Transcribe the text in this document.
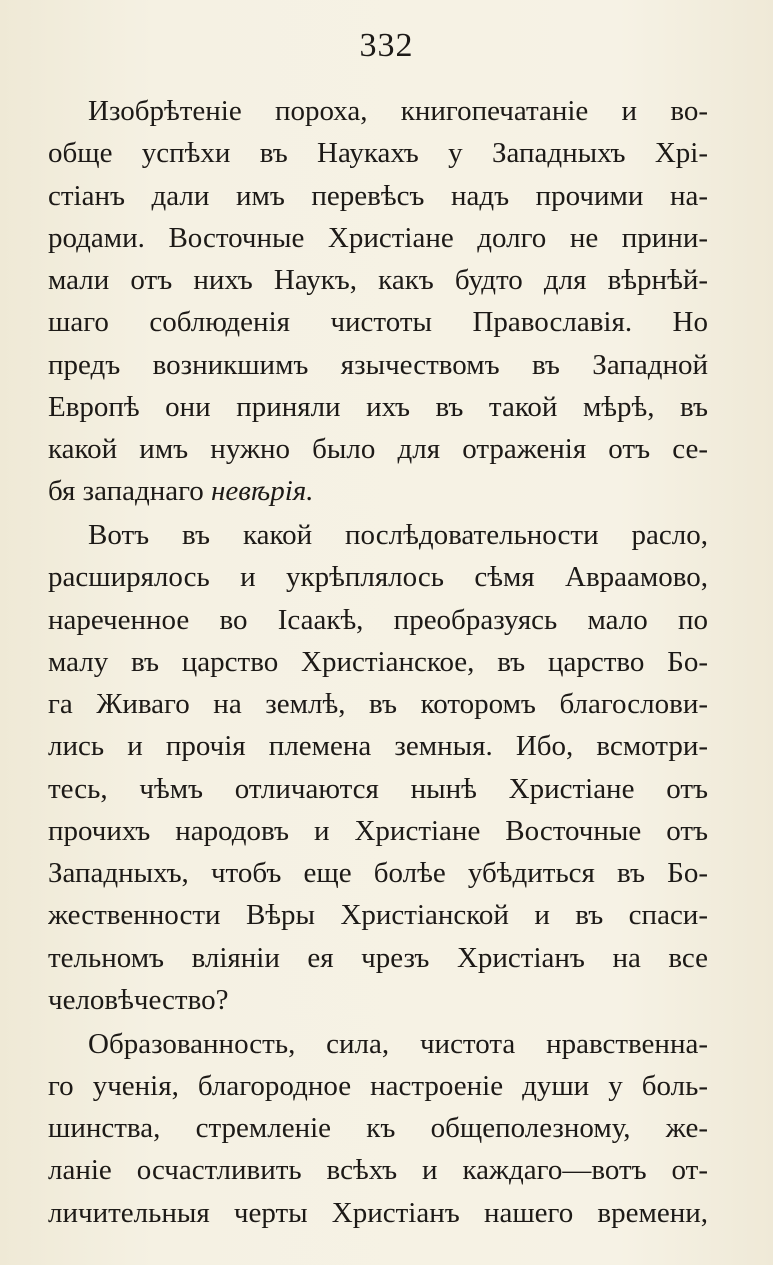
332
Изобрѣтеніе пороха, книгопечатаніе и во-
обще успѣхи въ Наукахъ у Западныхъ Хрі-
стіанъ дали имъ перевѣсъ надъ прочими на-
родами. Восточные Христіане долго не прини-
мали отъ нихъ Наукъ, какъ будто для вѣрнѣй-
шаго соблюденія чистоты Православія. Но
предъ возникшимъ язычествомъ въ Западной
Европѣ они приняли ихъ въ такой мѣрѣ, въ
какой имъ нужно было для отраженія отъ се-
бя западнаго невѣрія.
Вотъ въ какой послѣдовательности расло,
расширялось и укрѣплялось сѣмя Авраамово,
нареченное во Ісаакѣ, преобразуясь мало по
малу въ царство Христіанское, въ царство Бо-
га Живаго на землѣ, въ которомъ благослови-
лись и прочія племена земныя. Ибо, всмотри-
тесь, чѣмъ отличаются нынѣ Христіане отъ
прочихъ народовъ и Христіане Восточные отъ
Западныхъ, чтобъ еще болѣе убѣдиться въ Бо-
жественности Вѣры Христіанской и въ спаси-
тельномъ вліяніи ея чрезъ Христіанъ на все
человѣчество?
Образованность, сила, чистота нравственна-
го ученія, благородное настроеніе души у боль-
шинства, стремленіе къ общеполезному, же-
ланіе осчастливить всѣхъ и каждаго—вотъ от-
личительныя черты Христіанъ нашего времени,
